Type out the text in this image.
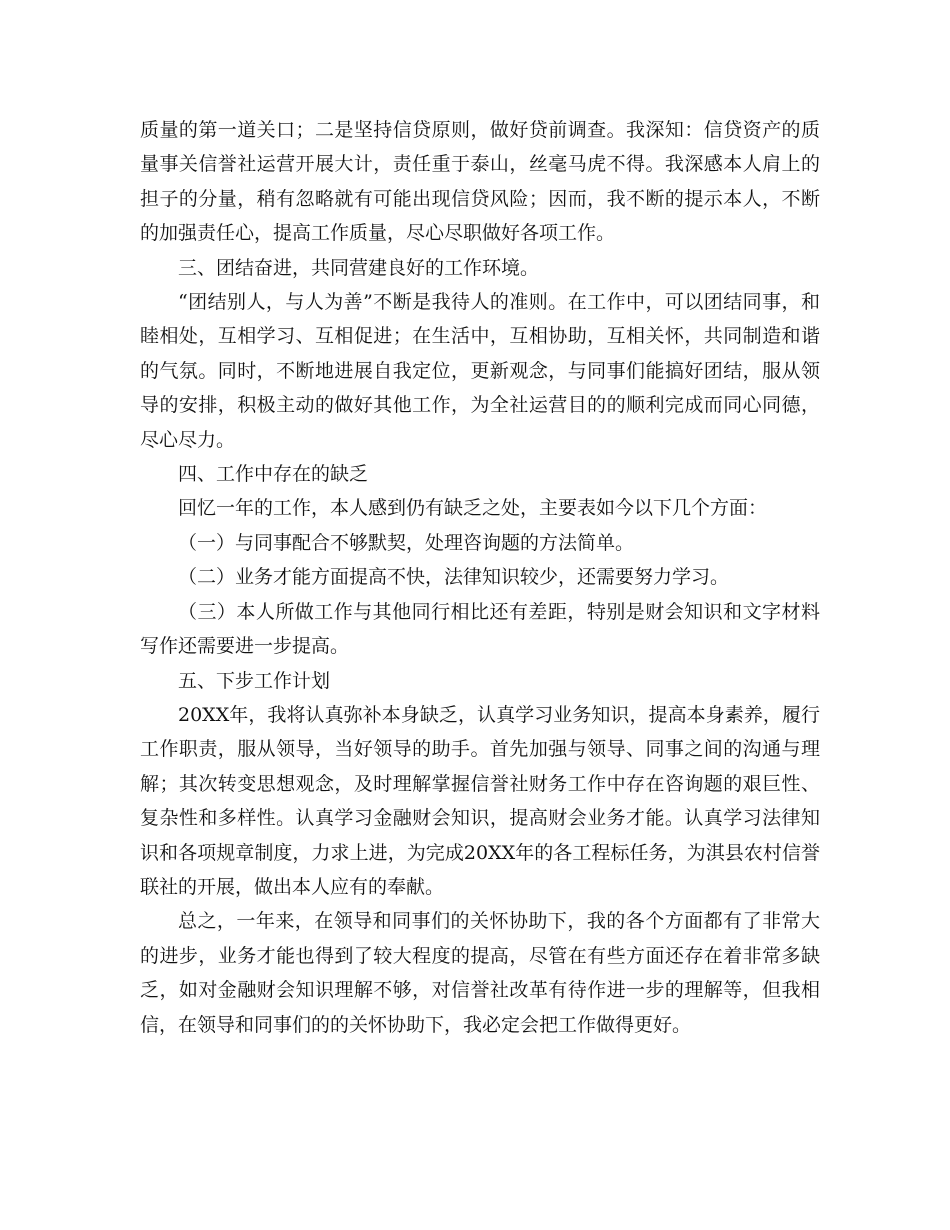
质量的第一道关口；二是坚持信贷原则，做好贷前调查。我深知：信贷资产的质量事关信誉社运营开展大计，责任重于泰山，丝毫马虎不得。我深感本人肩上的担子的分量，稍有忽略就有可能出现信贷风险；因而，我不断的提示本人，不断的加强责任心，提高工作质量，尽心尽职做好各项工作。

三、团结奋进，共同营建良好的工作环境。

“团结别人，与人为善”不断是我待人的准则。在工作中，可以团结同事，和睦相处，互相学习、互相促进；在生活中，互相协助，互相关怀，共同制造和谐的气氛。同时，不断地进展自我定位，更新观念，与同事们能搞好团结，服从领导的安排，积极主动的做好其他工作，为全社运营目的的顺利完成而同心同德，尽心尽力。

四、工作中存在的缺乏

回忆一年的工作，本人感到仍有缺乏之处，主要表如今以下几个方面：

（一）与同事配合不够默契，处理咨询题的方法简单。

（二）业务才能方面提高不快，法律知识较少，还需要努力学习。

（三）本人所做工作与其他同行相比还有差距，特别是财会知识和文字材料写作还需要进一步提高。

五、下步工作计划

20XX年，我将认真弥补本身缺乏，认真学习业务知识，提高本身素养，履行工作职责，服从领导，当好领导的助手。首先加强与领导、同事之间的沟通与理解；其次转变思想观念，及时理解掌握信誉社财务工作中存在咨询题的艰巨性、复杂性和多样性。认真学习金融财会知识，提高财会业务才能。认真学习法律知识和各项规章制度，力求上进，为完成20XX年的各工程标任务，为淇县农村信誉联社的开展，做出本人应有的奉献。

总之，一年来，在领导和同事们的关怀协助下，我的各个方面都有了非常大的进步，业务才能也得到了较大程度的提高，尽管在有些方面还存在着非常多缺乏，如对金融财会知识理解不够，对信誉社改革有待作进一步的理解等，但我相信，在领导和同事们的的关怀协助下，我必定会把工作做得更好。
